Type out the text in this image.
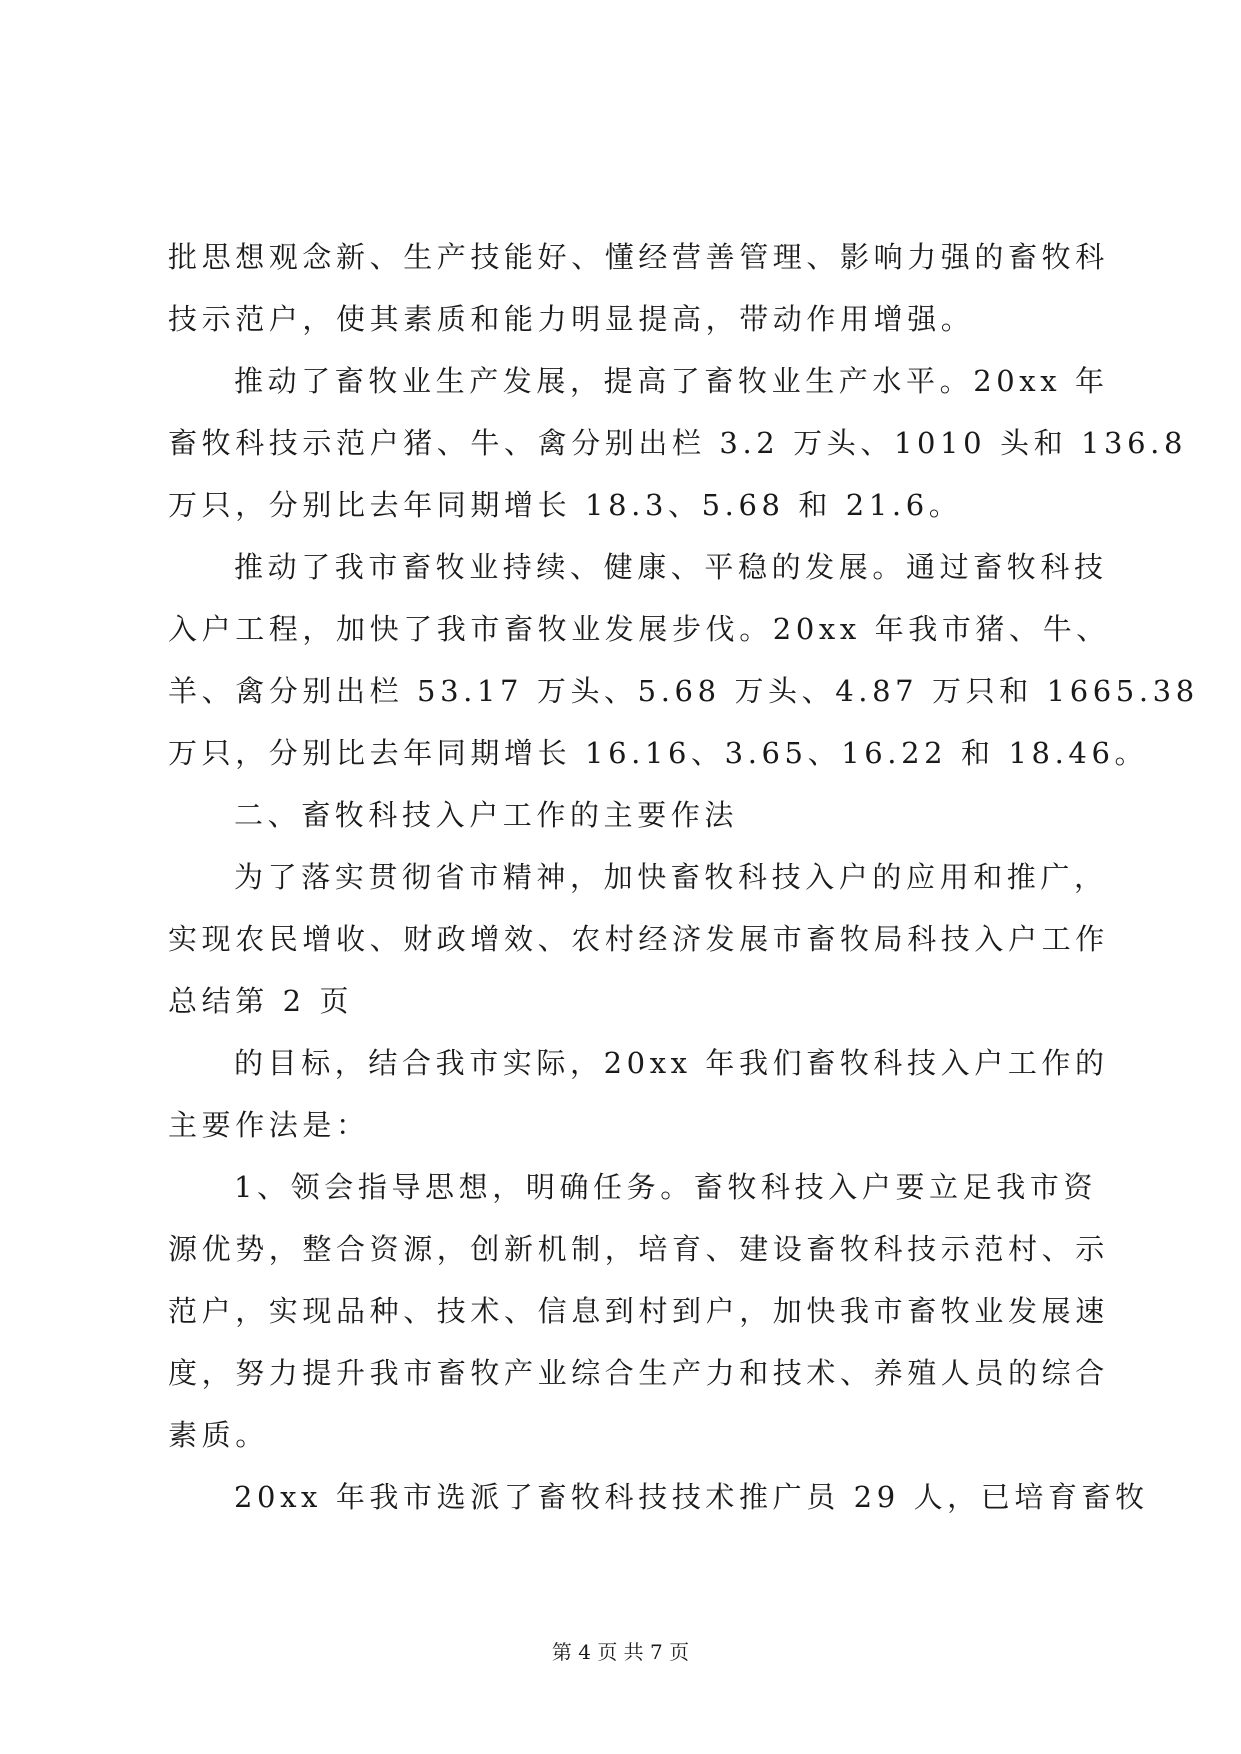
批思想观念新、生产技能好、懂经营善管理、影响力强的畜牧科
技示范户，使其素质和能力明显提高，带动作用增强。
推动了畜牧业生产发展，提高了畜牧业生产水平。20xx 年
畜牧科技示范户猪、牛、禽分别出栏 3.2 万头、1010 头和 136.8
万只，分别比去年同期增长 18.3、5.68 和 21.6。
推动了我市畜牧业持续、健康、平稳的发展。通过畜牧科技
入户工程，加快了我市畜牧业发展步伐。20xx 年我市猪、牛、
羊、禽分别出栏 53.17 万头、5.68 万头、4.87 万只和 1665.38
万只，分别比去年同期增长 16.16、3.65、16.22 和 18.46。
二、畜牧科技入户工作的主要作法
为了落实贯彻省市精神，加快畜牧科技入户的应用和推广，
实现农民增收、财政增效、农村经济发展市畜牧局科技入户工作
总结第 2 页
的目标，结合我市实际，20xx 年我们畜牧科技入户工作的
主要作法是：
1、领会指导思想，明确任务。畜牧科技入户要立足我市资
源优势，整合资源，创新机制，培育、建设畜牧科技示范村、示
范户，实现品种、技术、信息到村到户，加快我市畜牧业发展速
度，努力提升我市畜牧产业综合生产力和技术、养殖人员的综合
素质。
20xx 年我市选派了畜牧科技技术推广员 29 人，已培育畜牧
第 4 页 共 7 页
